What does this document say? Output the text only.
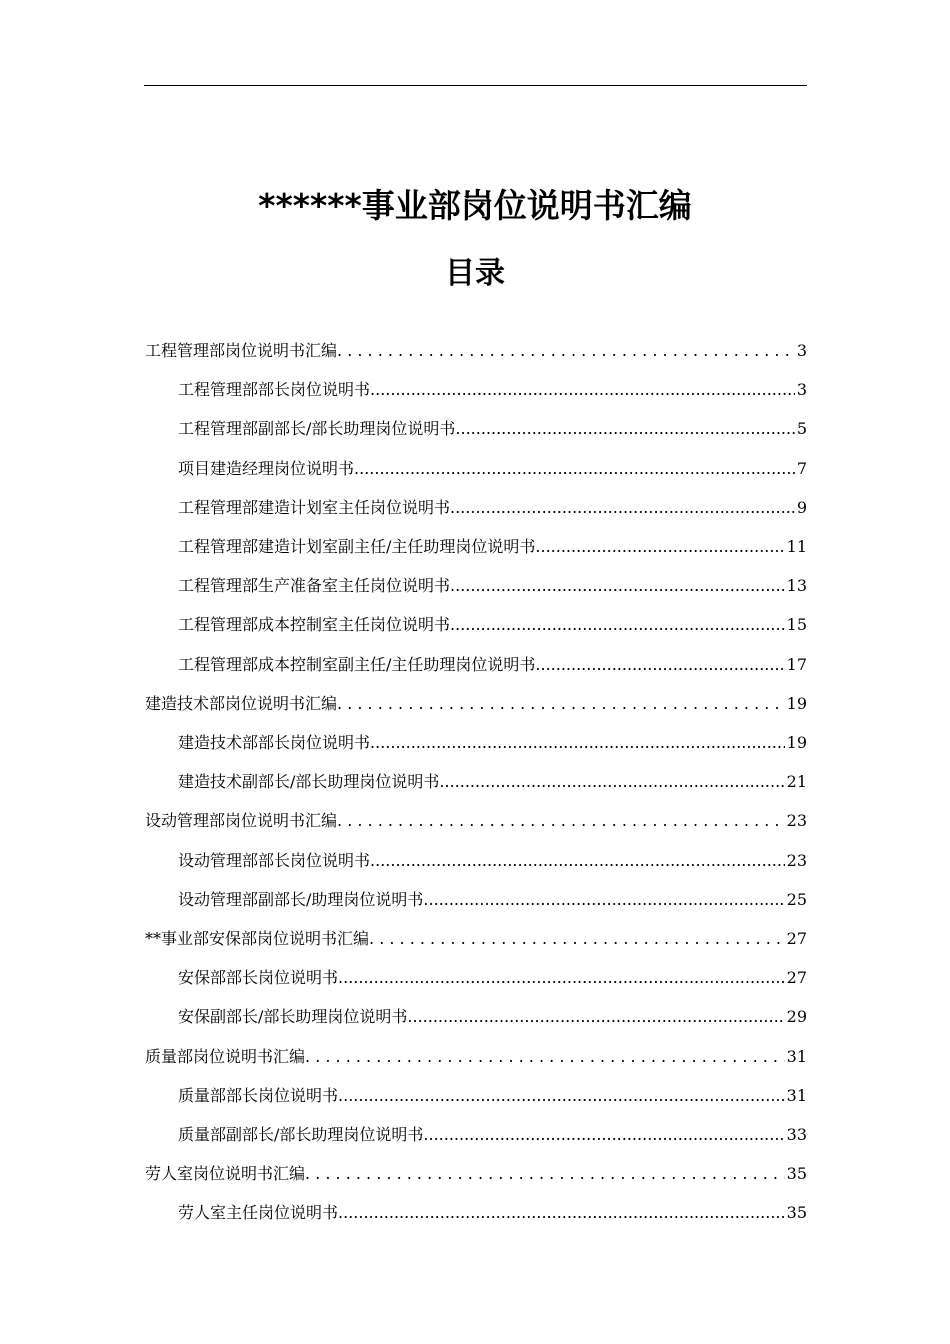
******事业部岗位说明书汇编
目录
工程管理部岗位说明书汇编 . . .	3
工程管理部部长岗位说明书 .....	3
工程管理部副部长/部长助理岗位说明书 .....	5
项目建造经理岗位说明书 .....	7
工程管理部建造计划室主任岗位说明书 .....	9
工程管理部建造计划室副主任/主任助理岗位说明书 .....	11
工程管理部生产准备室主任岗位说明书 .....	13
工程管理部成本控制室主任岗位说明书 .....	15
工程管理部成本控制室副主任/主任助理岗位说明书 .....	17
建造技术部岗位说明书汇编 . . .	19
建造技术部部长岗位说明书 .....	19
建造技术副部长/部长助理岗位说明书 .....	21
设动管理部岗位说明书汇编 . . .	23
设动管理部部长岗位说明书 .....	23
设动管理部副部长/助理岗位说明书 .....	25
**事业部安保部岗位说明书汇编 . . .	27
安保部部长岗位说明书 .....	27
安保副部长/部长助理岗位说明书 .....	29
质量部岗位说明书汇编 . . .	31
质量部部长岗位说明书 .....	31
质量部副部长/部长助理岗位说明书 .....	33
劳人室岗位说明书汇编 . . .	35
劳人室主任岗位说明书 .....	35
